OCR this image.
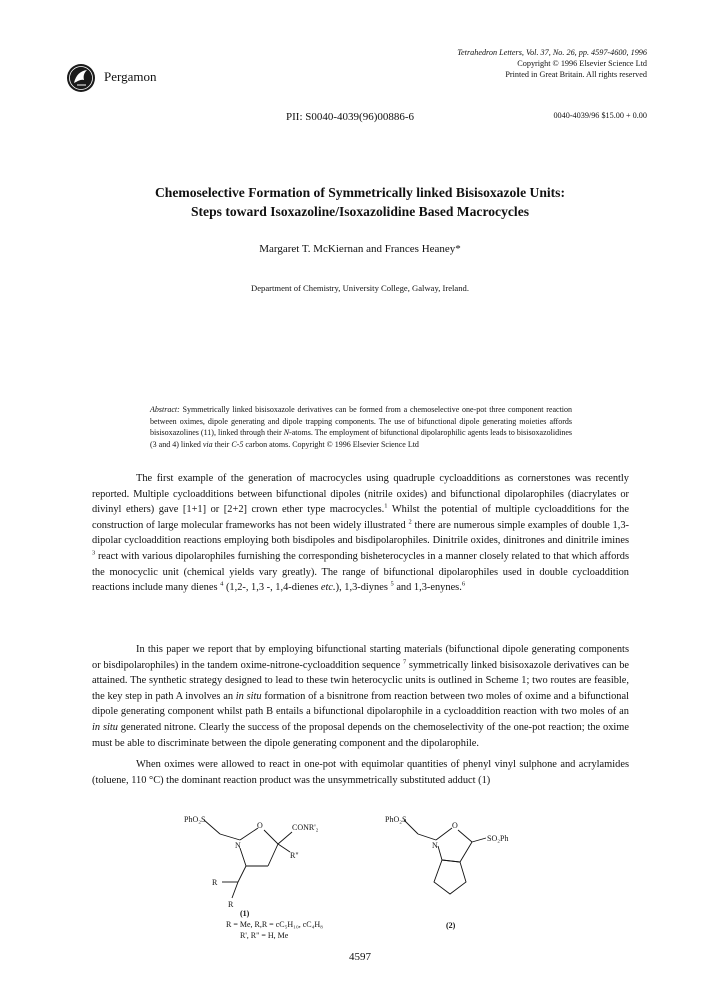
Pergamon
Tetrahedron Letters, Vol. 37, No. 26, pp. 4597-4600, 1996
Copyright © 1996 Elsevier Science Ltd
Printed in Great Britain. All rights reserved
PII: S0040-4039(96)00886-6	0040-4039/96 $15.00 + 0.00
Chemoselective Formation of Symmetrically linked Bisisoxazole Units:
Steps toward Isoxazoline/Isoxazolidine Based Macrocycles
Margaret T. McKiernan and Frances Heaney*
Department of Chemistry, University College, Galway, Ireland.
Abstract: Symmetrically linked bisisoxazole derivatives can be formed from a chemoselective one-pot three component reaction between oximes, dipole generating and dipole trapping components. The use of bifunctional dipole generating moieties affords bisisoxazolines (11), linked through their N-atoms. The employment of bifunctional dipolarophilic agents leads to bisisoxazolidines (3 and 4) linked via their C-5 carbon atoms. Copyright © 1996 Elsevier Science Ltd
The first example of the generation of macrocycles using quadruple cycloadditions as cornerstones was recently reported. Multiple cycloadditions between bifunctional dipoles (nitrile oxides) and bifunctional dipolarophiles (diacrylates or divinyl ethers) gave [1+1] or [2+2] crown ether type macrocycles.$^1$ Whilst the potential of multiple cycloadditions for the construction of large molecular frameworks has not been widely illustrated $^2$ there are numerous simple examples of double 1,3-dipolar cycloaddition reactions employing both bisdipoles and bisdipolarophiles. Dinitrile oxides, dinitrones and dinitrile imines $^3$ react with various dipolarophiles furnishing the corresponding bisheterocycles in a manner closely related to that which affords the monocyclic unit (chemical yields vary greatly). The range of bifunctional dipolarophiles used in double cycloaddition reactions include many dienes $^4$ (1,2-, 1,3 -, 1,4-dienes etc.), 1,3-diynes $^5$ and 1,3-enynes.$^6$
In this paper we report that by employing bifunctional starting materials (bifunctional dipole generating components or bisdipolarophiles) in the tandem oxime-nitrone-cycloaddition sequence $^7$ symmetrically linked bisisoxazole derivatives can be attained. The synthetic strategy designed to lead to these twin heterocyclic units is outlined in Scheme 1; two routes are feasible, the key step in path A involves an in situ formation of a bisnitrone from reaction between two moles of oxime and a bifunctional dipole generating component whilst path B entails a bifunctional dipolarophile in a cycloaddition reaction with two moles of an in situ generated nitrone. Clearly the success of the proposal depends on the chemoselectivity of the one-pot reaction; the oxime must be able to discriminate between the dipole generating component and the dipolarophile.
When oximes were allowed to react in one-pot with equimolar quantities of phenyl vinyl sulphone and acrylamides (toluene, 110 °C) the dominant reaction product was the unsymmetrically substituted adduct (1)
PhO₂S
O
N
CONR'₂
R"
R
R
(1)
R = Me, R,R = cC₅H₁₀, cC₄H₈
R', R" = H, Me
PhO₂S
O
N
SO₂Ph
(2)
4597
